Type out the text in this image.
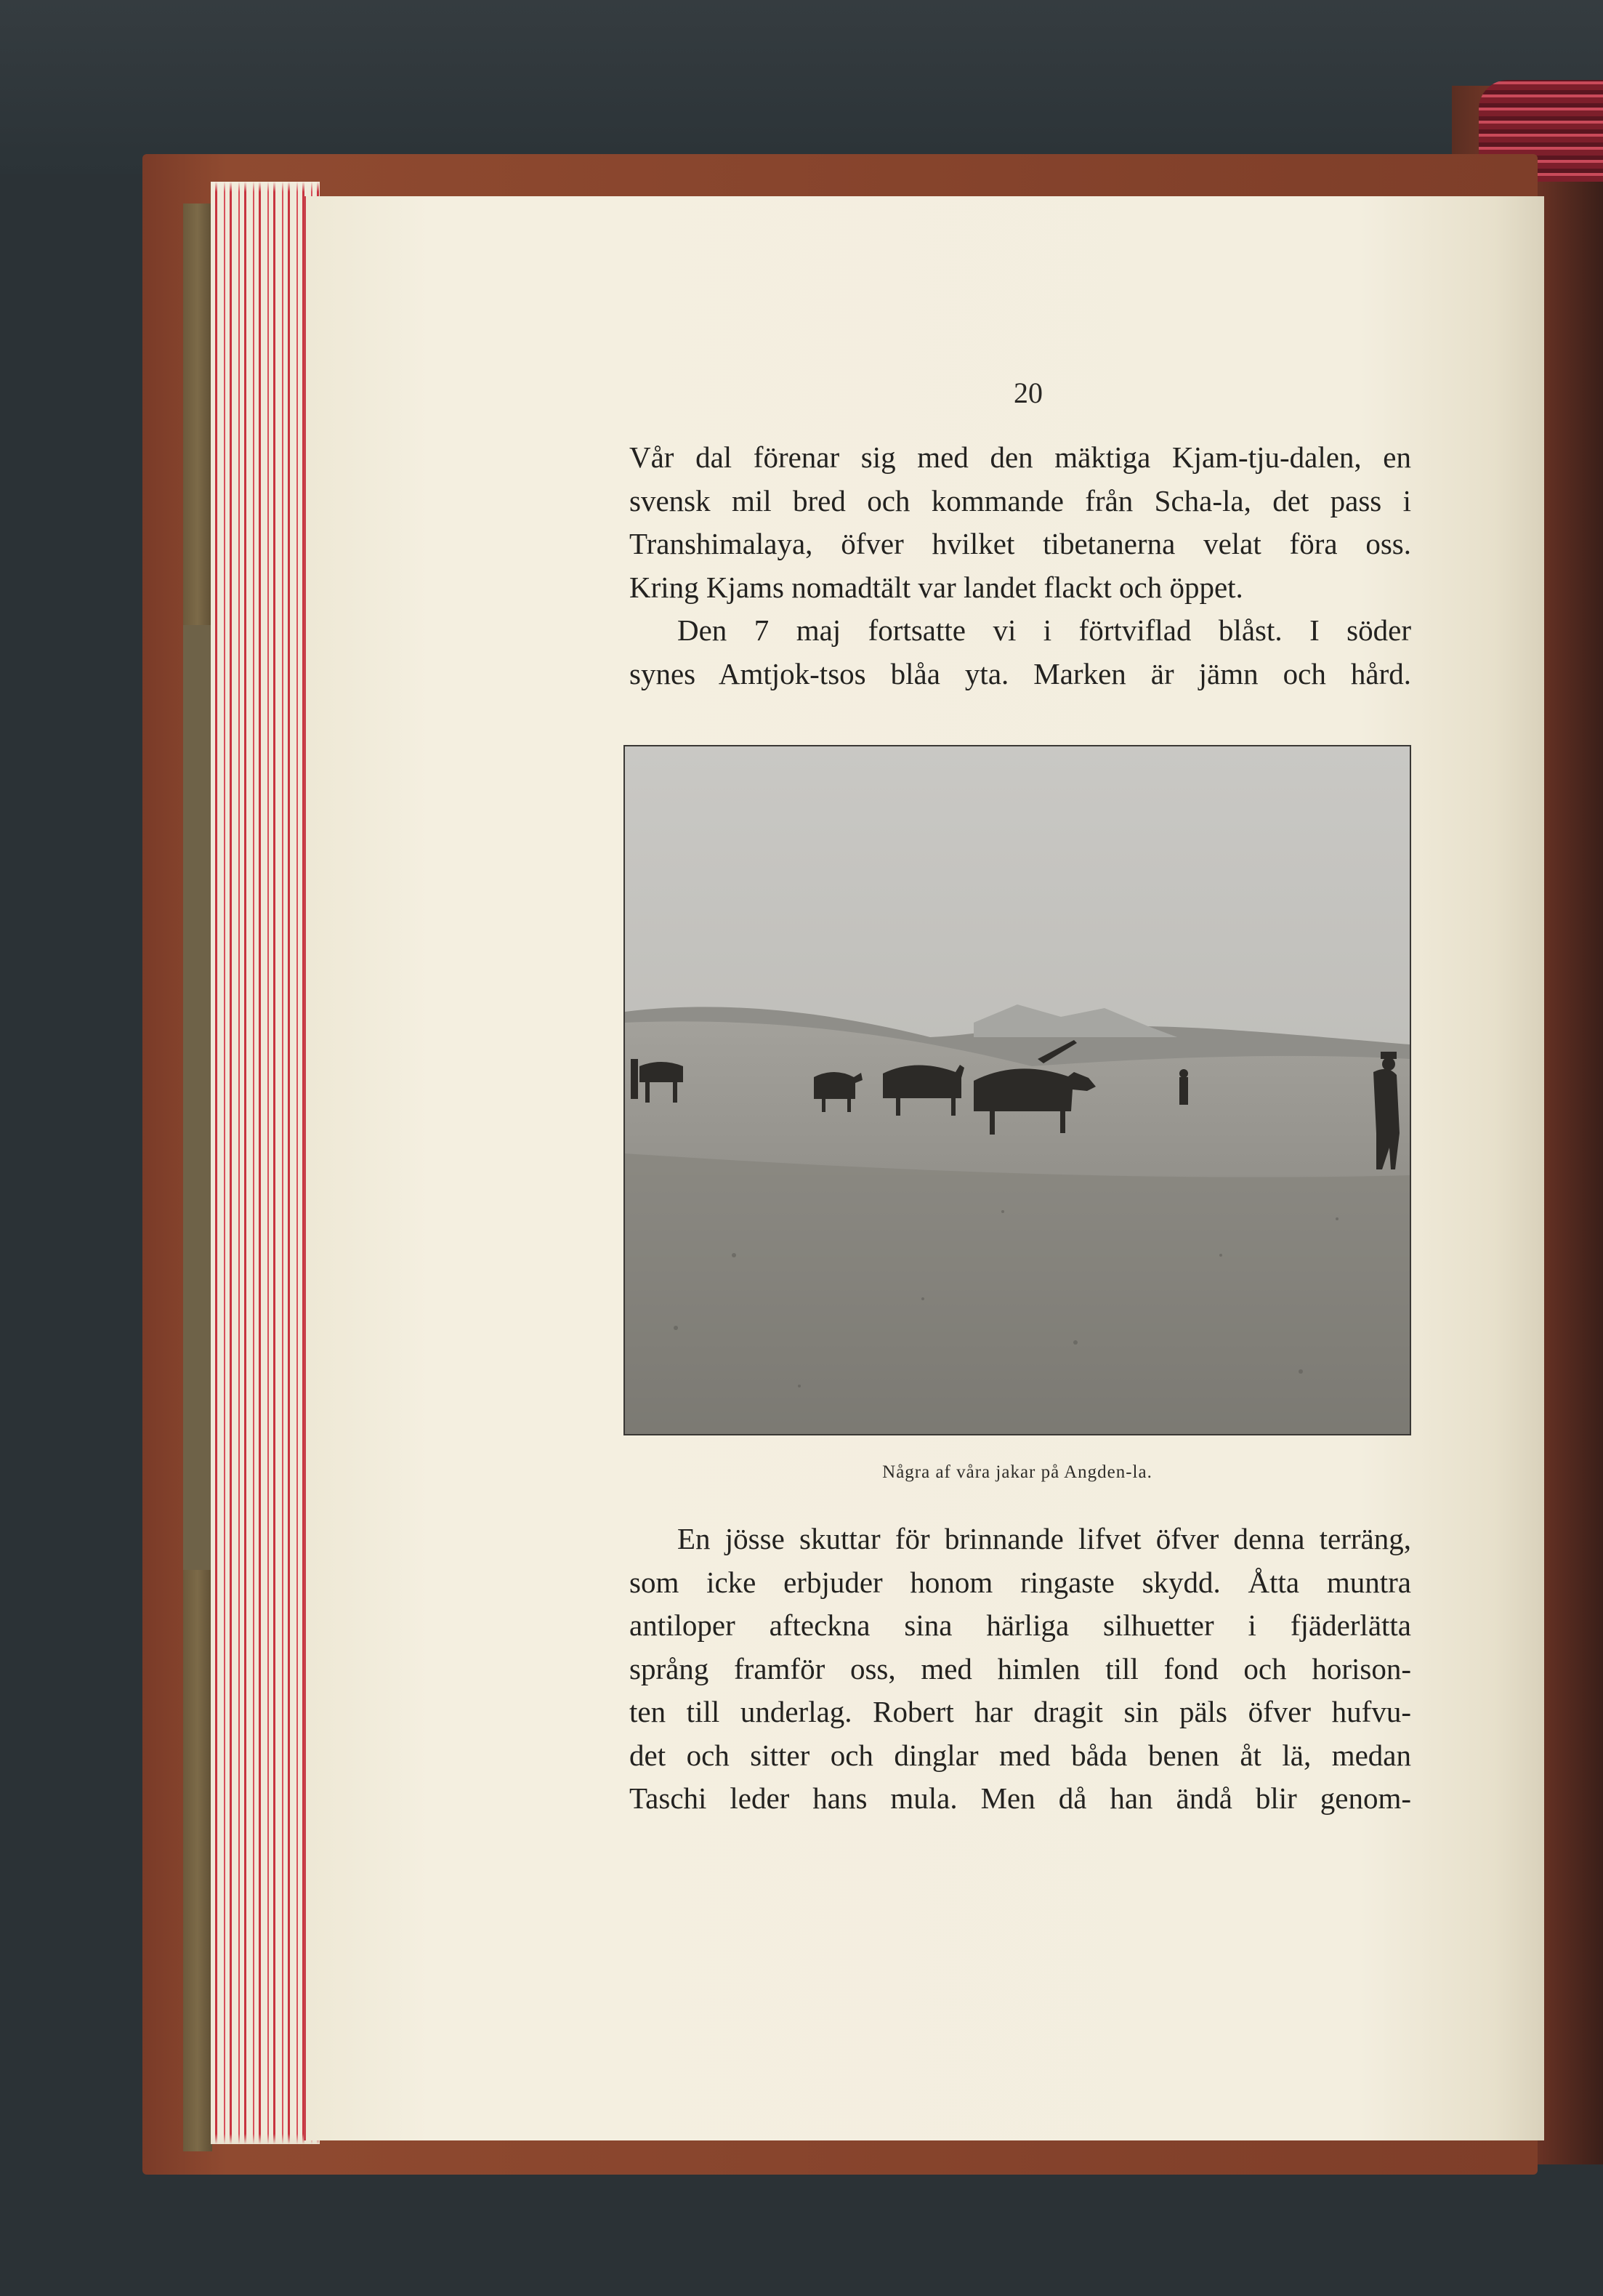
20

Vår dal förenar sig med den mäktiga Kjam-tju-dalen, en

svensk mil bred och kommande från Scha-la, det pass i

Transhimalaya, öfver hvilket tibetanerna velat föra oss.

Kring Kjams nomadtält var landet flackt och öppet.

Den 7 maj fortsatte vi i förtviflad blåst. I söder

synes Amtjok-tsos blåa yta. Marken är jämn och hård.

Några af våra jakar på Angden-la.

En jösse skuttar för brinnande lifvet öfver denna terräng,

som icke erbjuder honom ringaste skydd. Åtta muntra

antiloper afteckna sina härliga silhuetter i fjäderlätta

språng framför oss, med himlen till fond och horison-

ten till underlag. Robert har dragit sin päls öfver hufvu-

det och sitter och dinglar med båda benen åt lä, medan

Taschi leder hans mula. Men då han ändå blir genom-
